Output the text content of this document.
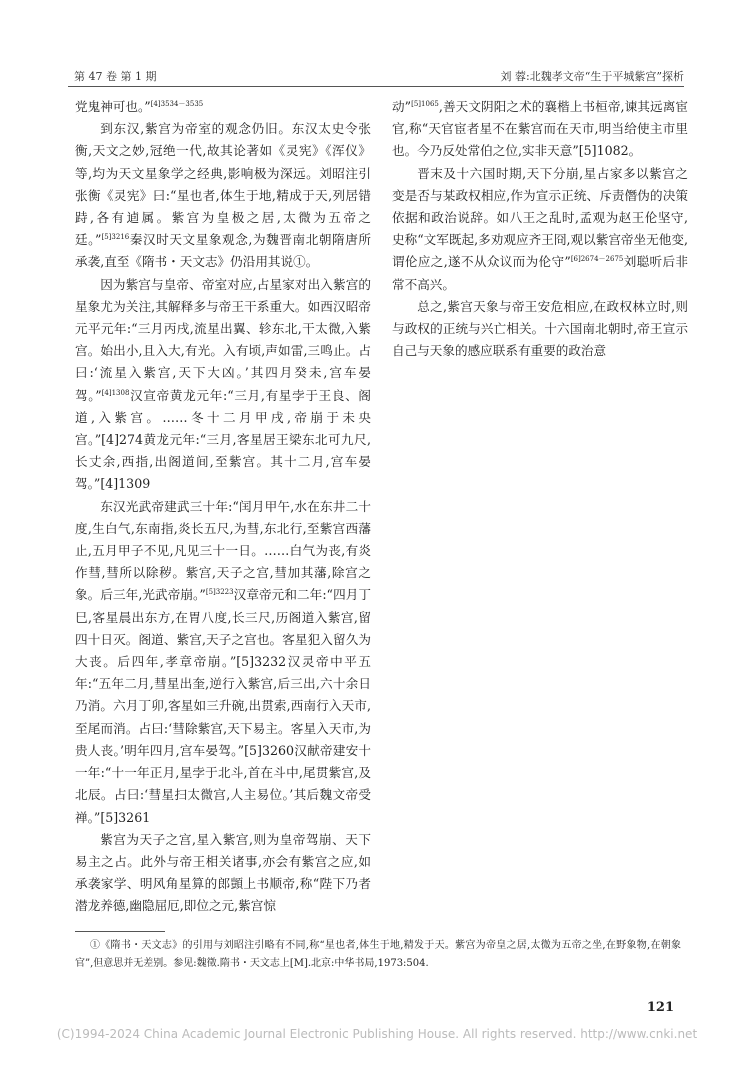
第 47 卷 第 1 期	刘 蓉:北魏孝文帝“生于平城紫宫”探析

党鬼神可也。”$^{[4]3534-3535}$

到东汉,紫宫为帝室的观念仍旧。东汉太史令张衡,天文之妙,冠绝一代,故其论著如《灵宪》《浑仪》等,均为天文星象学之经典,影响极为深远。刘昭注引张衡《灵宪》曰:“星也者,体生于地,精成于天,列居错跱,各有逌属。紫宫为皇极之居,太微为五帝之廷。”$^{[5]3216}$秦汉时天文星象观念,为魏晋南北朝隋唐所承袭,直至《隋书・天文志》仍沿用其说①。

因为紫宫与皇帝、帝室对应,占星家对出入紫宫的星象尤为关注,其解释多与帝王干系重大。如西汉昭帝元平元年:“三月丙戌,流星出翼、轸东北,干太微,入紫宫。始出小,且入大,有光。入有顷,声如雷,三鸣止。占曰:‘流星入紫宫,天下大凶。’其四月癸未,宫车晏驾。”$^{[4]1308}$汉宣帝黄龙元年:“三月,有星孛于王良、阁道,入紫宫。……冬十二月甲戌,帝崩于未央宫。”[4]274黄龙元年:“三月,客星居王梁东北可九尺,长丈余,西指,出阁道间,至紫宫。其十二月,宫车晏驾。”[4]1309

东汉光武帝建武三十年:“闰月甲午,水在东井二十度,生白气,东南指,炎长五尺,为彗,东北行,至紫宫西藩止,五月甲子不见,凡见三十一日。……白气为丧,有炎作彗,彗所以除秽。紫宫,天子之宫,彗加其藩,除宫之象。后三年,光武帝崩。”$^{[5]3223}$汉章帝元和二年:“四月丁巳,客星晨出东方,在胃八度,长三尺,历阁道入紫宫,留四十日灭。阁道、紫宫,天子之宫也。客星犯入留久为大丧。后四年,孝章帝崩。”[5]3232汉灵帝中平五年:“五年二月,彗星出奎,逆行入紫宫,后三出,六十余日乃消。六月丁卯,客星如三升碗,出贯索,西南行入天市,至尾而消。占曰:‘彗除紫宫,天下易主。客星入天市,为贵人丧。’明年四月,宫车晏驾。”[5]3260汉献帝建安十一年:“十一年正月,星孛于北斗,首在斗中,尾贯紫宫,及北辰。占曰:‘彗星扫太微宫,人主易位。’其后魏文帝受禅。”[5]3261

紫宫为天子之宫,星入紫宫,则为皇帝驾崩、天下易主之占。此外与帝王相关诸事,亦会有紫宫之应,如承袭家学、明风角星算的郎顗上书顺帝,称“陛下乃者潜龙养德,幽隐屈厄,即位之元,紫宫惊

动”$^{[5]1065}$,善天文阴阳之术的襄楷上书桓帝,谏其远离宦官,称“天官宦者星不在紫宫而在天市,明当给使主市里也。今乃反处常伯之位,实非天意”[5]1082。

晋末及十六国时期,天下分崩,星占家多以紫宫之变是否与某政权相应,作为宣示正统、斥责僭伪的决策依据和政治说辞。如八王之乱时,孟观为赵王伦坚守,史称“文军既起,多劝观应齐王冏,观以紫宫帝坐无他变,谓伦应之,遂不从众议而为伦守”$^{[6]2674-2675}$刘聪听后非常不高兴。

总之,紫宫天象与帝王安危相应,在政权林立时,则与政权的正统与兴亡相关。十六国南北朝时,帝王宣示自己与天象的感应联系有重要的政治意

①《隋书・天文志》的引用与刘昭注引略有不同,称“星也者,体生于地,精发于天。紫宫为帝皇之居,太微为五帝之坐,在野象物,在朝象官”,但意思并无差别。参见:魏徵.隋书・天文志上[M].北京:中华书局,1973:504.
121
(C)1994-2024 China Academic Journal Electronic Publishing House. All rights reserved. http://www.cnki.net
